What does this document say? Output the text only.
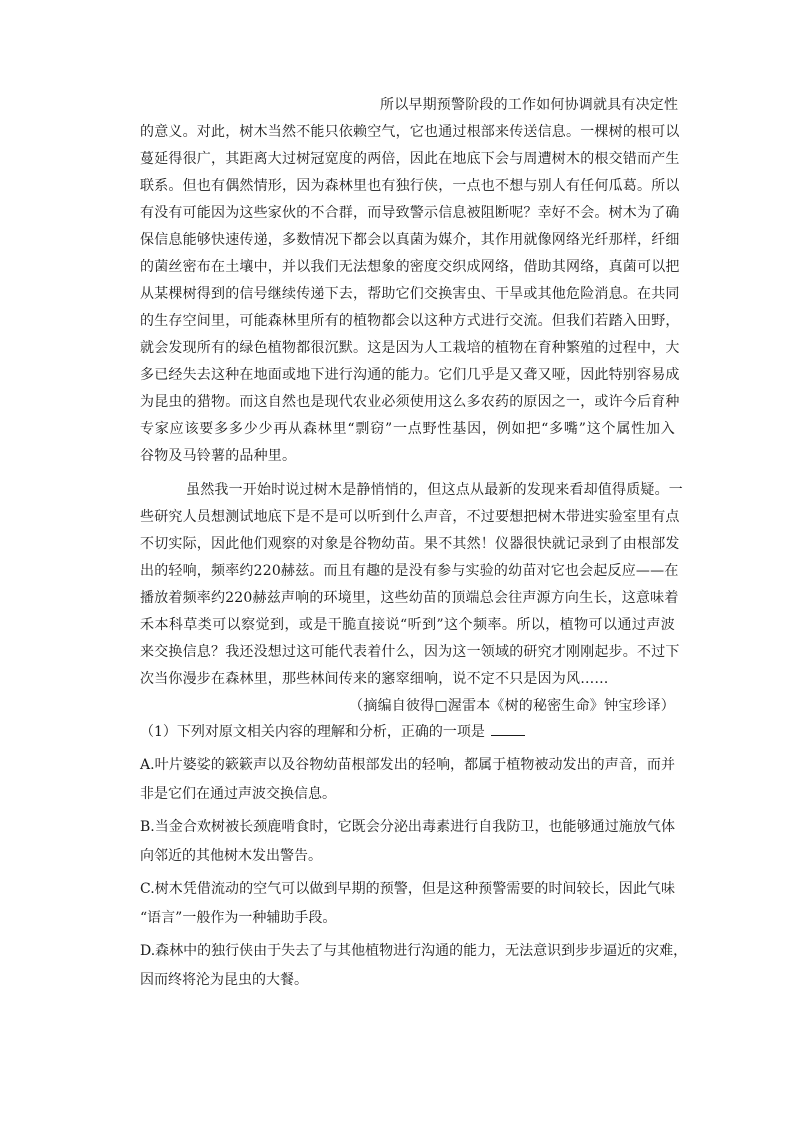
所以早期预警阶段的工作如何协调就具有决定性
的意义。对此，树木当然不能只依赖空气，它也通过根部来传送信息。一棵树的根可以
蔓延得很广，其距离大过树冠宽度的两倍，因此在地底下会与周遭树木的根交错而产生
联系。但也有偶然情形，因为森林里也有独行侠，一点也不想与别人有任何瓜葛。所以
有没有可能因为这些家伙的不合群，而导致警示信息被阻断呢？幸好不会。树木为了确
保信息能够快速传递，多数情况下都会以真菌为媒介，其作用就像网络光纤那样，纤细
的菌丝密布在土壤中，并以我们无法想象的密度交织成网络，借助其网络，真菌可以把
从某棵树得到的信号继续传递下去，帮助它们交换害虫、干旱或其他危险消息。在共同
的生存空间里，可能森林里所有的植物都会以这种方式进行交流。但我们若踏入田野，
就会发现所有的绿色植物都很沉默。这是因为人工栽培的植物在育种繁殖的过程中，大
多已经失去这种在地面或地下进行沟通的能力。它们几乎是又聋又哑，因此特别容易成
为昆虫的猎物。而这自然也是现代农业必须使用这么多农药的原因之一，或许今后育种
专家应该要多多少少再从森林里“剽窃”一点野性基因，例如把“多嘴”这个属性加入
谷物及马铃薯的品种里。
虽然我一开始时说过树木是静悄悄的，但这点从最新的发现来看却值得质疑。一
些研究人员想测试地底下是不是可以听到什么声音，不过要想把树木带进实验室里有点
不切实际，因此他们观察的对象是谷物幼苗。果不其然！仪器很快就记录到了由根部发
出的轻响，频率约220赫兹。而且有趣的是没有参与实验的幼苗对它也会起反应——在
播放着频率约220赫兹声响的环境里，这些幼苗的顶端总会往声源方向生长，这意味着
禾本科草类可以察觉到，或是干脆直接说“听到”这个频率。所以，植物可以通过声波
来交换信息？我还没想过这可能代表着什么，因为这一领域的研究才刚刚起步。不过下
次当你漫步在森林里，那些林间传来的窸窣细响，说不定不只是因为风……
（摘编自彼得□渥雷本《树的秘密生命》钟宝珍译）
（1）下列对原文相关内容的理解和分析，正确的一项是
A.叶片婆娑的簌簌声以及谷物幼苗根部发出的轻响，都属于植物被动发出的声音，而并
非是它们在通过声波交换信息。
B.当金合欢树被长颈鹿啃食时，它既会分泌出毒素进行自我防卫，也能够通过施放气体
向邻近的其他树木发出警告。
C.树木凭借流动的空气可以做到早期的预警，但是这种预警需要的时间较长，因此气味
“语言”一般作为一种辅助手段。
D.森林中的独行侠由于失去了与其他植物进行沟通的能力，无法意识到步步逼近的灾难，
因而终将沦为昆虫的大餐。
